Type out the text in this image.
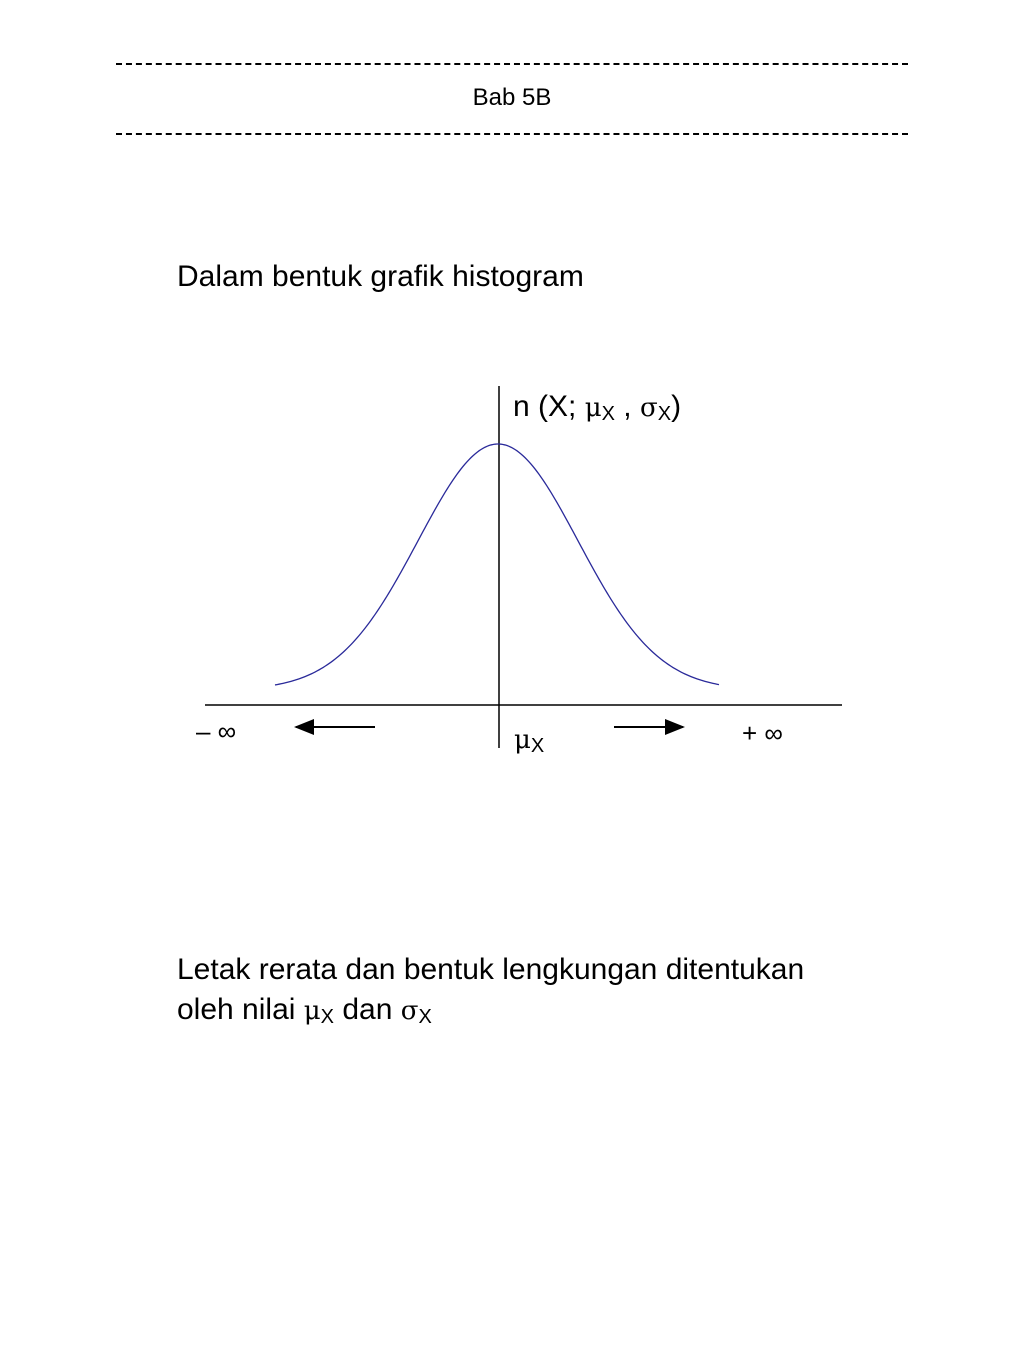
Bab 5B
Dalam bentuk grafik histogram
n (X; $\mu_X$ , $\sigma_X$)
– ∞	$\mu_X$	+ ∞
Letak rerata dan bentuk lengkungan ditentukan
oleh nilai $\mu_X$ dan $\sigma_X$
